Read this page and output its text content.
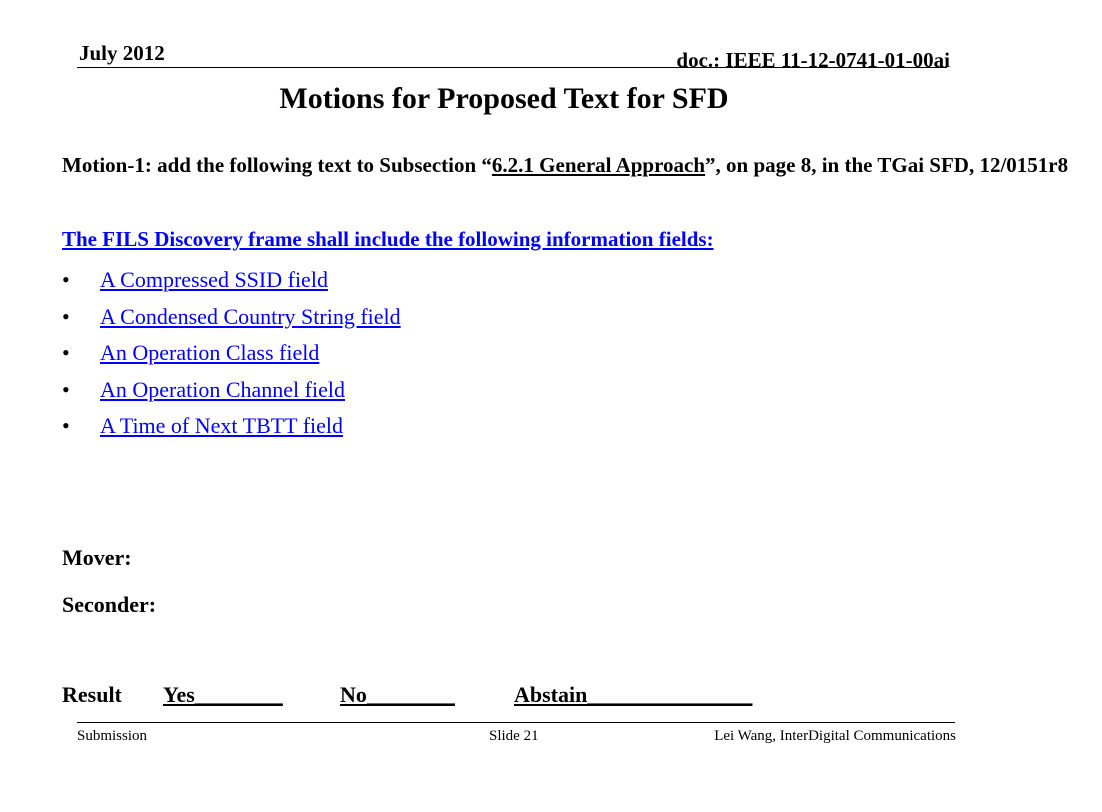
July 2012	doc.: IEEE 11-12-0741-01-00ai
Motions for Proposed Text for SFD
Motion-1: add the following text to Subsection “6.2.1 General Approach”, on page 8, in the TGai SFD, 12/0151r8
The FILS Discovery frame shall include the following information fields:
•	A Compressed SSID field
•	A Condensed Country String field
•	An Operation Class field
•	An Operation Channel field
•	A Time of Next TBTT field
Mover:
Seconder:

Result

Yes________

	No________

	Abstain_______________

Submission	Slide 21	Lei Wang, InterDigital Communications
